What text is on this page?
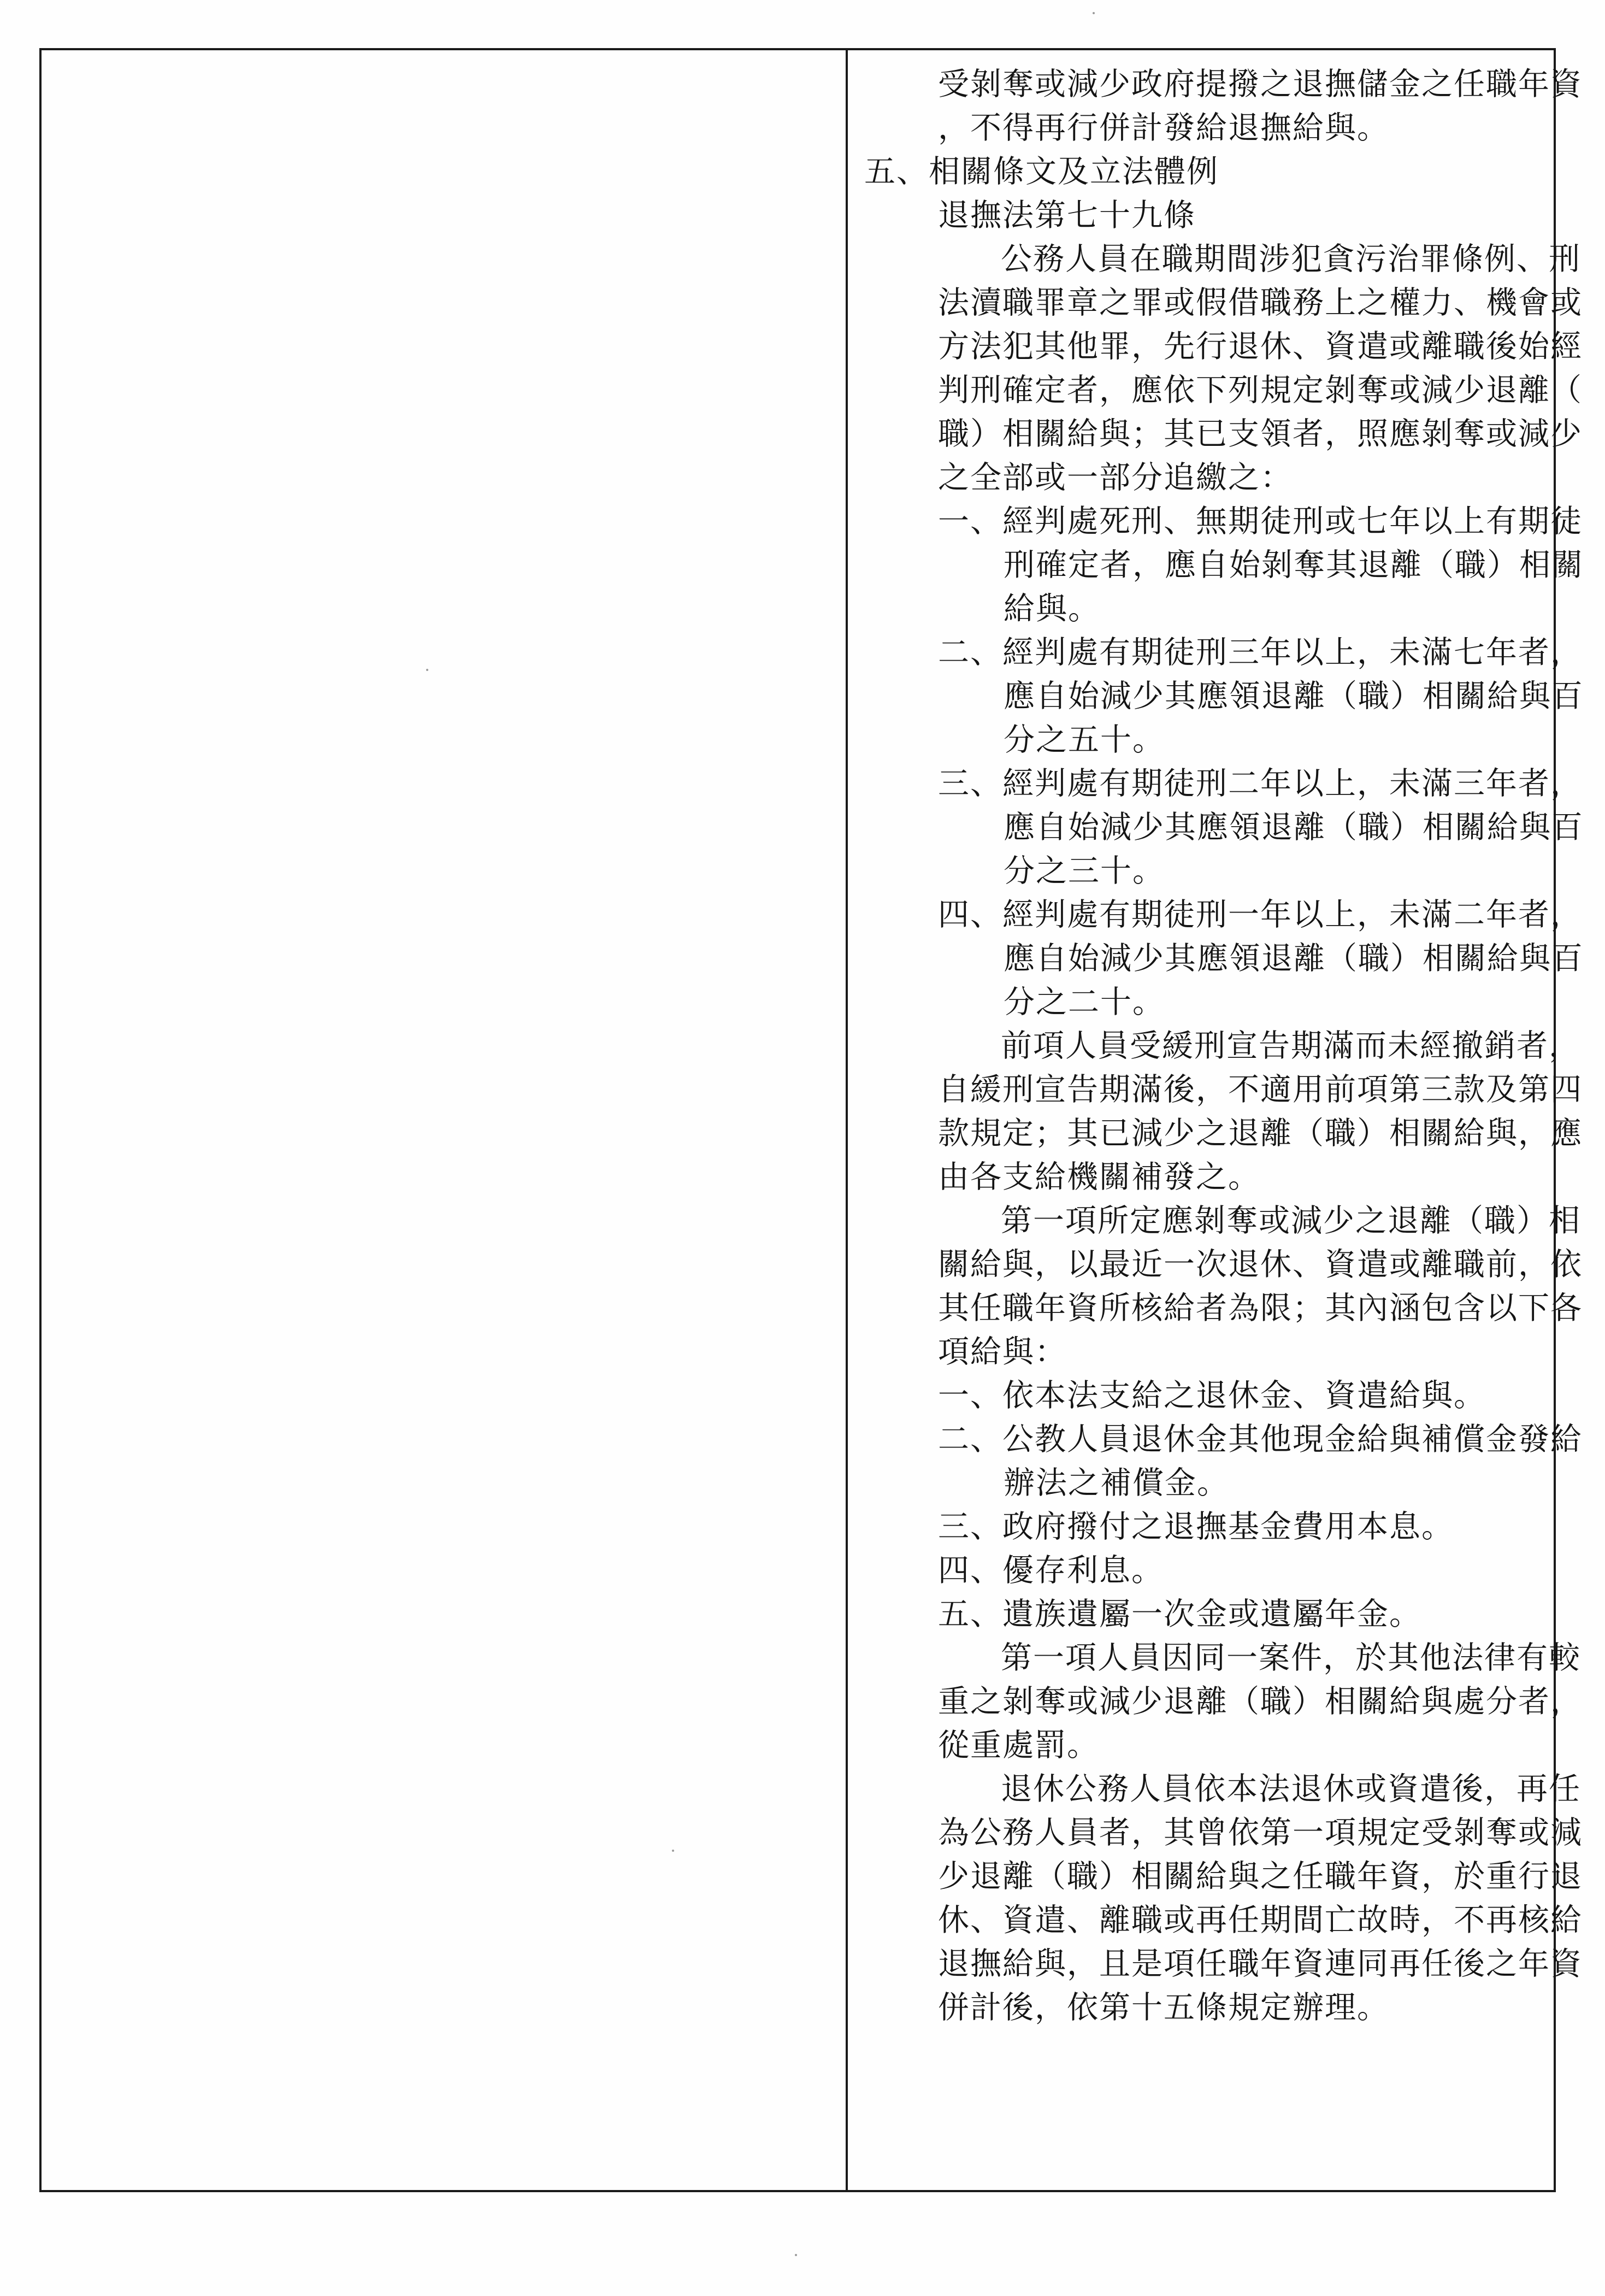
受剝奪或減少政府提撥之退撫儲金之任職年資
，不得再行併計發給退撫給與。
五、相關條文及立法體例
退撫法第七十九條
公務人員在職期間涉犯貪污治罪條例、刑
法瀆職罪章之罪或假借職務上之權力、機會或
方法犯其他罪，先行退休、資遣或離職後始經
判刑確定者，應依下列規定剝奪或減少退離（
職）相關給與；其已支領者，照應剝奪或減少
之全部或一部分追繳之：
一、經判處死刑、無期徒刑或七年以上有期徒
刑確定者，應自始剝奪其退離（職）相關
給與。
二、經判處有期徒刑三年以上，未滿七年者，
應自始減少其應領退離（職）相關給與百
分之五十。
三、經判處有期徒刑二年以上，未滿三年者，
應自始減少其應領退離（職）相關給與百
分之三十。
四、經判處有期徒刑一年以上，未滿二年者，
應自始減少其應領退離（職）相關給與百
分之二十。
前項人員受緩刑宣告期滿而未經撤銷者，
自緩刑宣告期滿後，不適用前項第三款及第四
款規定；其已減少之退離（職）相關給與，應
由各支給機關補發之。
第一項所定應剝奪或減少之退離（職）相
關給與，以最近一次退休、資遣或離職前，依
其任職年資所核給者為限；其內涵包含以下各
項給與：
一、依本法支給之退休金、資遣給與。
二、公教人員退休金其他現金給與補償金發給
辦法之補償金。
三、政府撥付之退撫基金費用本息。
四、優存利息。
五、遺族遺屬一次金或遺屬年金。
第一項人員因同一案件，於其他法律有較
重之剝奪或減少退離（職）相關給與處分者，
從重處罰。
退休公務人員依本法退休或資遣後，再任
為公務人員者，其曾依第一項規定受剝奪或減
少退離（職）相關給與之任職年資，於重行退
休、資遣、離職或再任期間亡故時，不再核給
退撫給與，且是項任職年資連同再任後之年資
併計後，依第十五條規定辦理。
